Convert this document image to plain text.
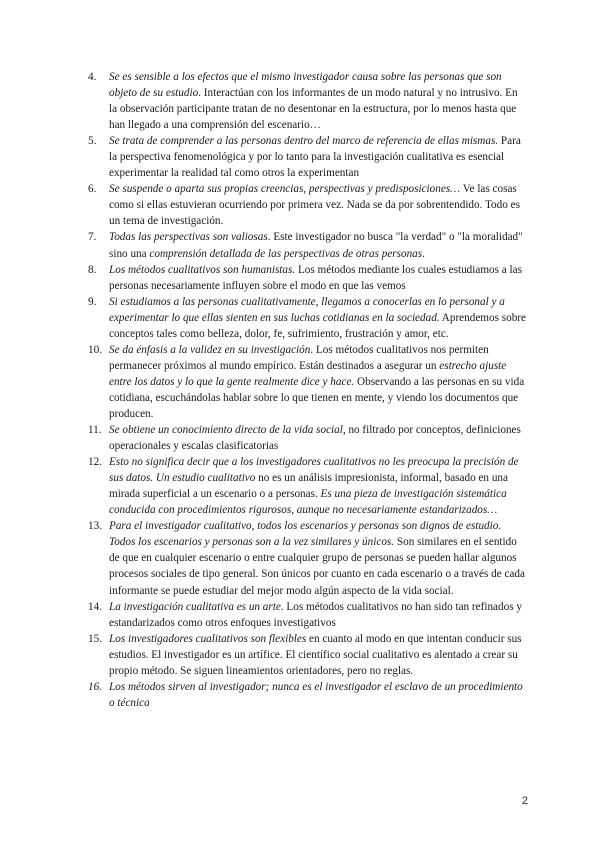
4.	Se es sensible a los efectos que el mismo investigador causa sobre las personas que son objeto de su estudio. Interactúan con los informantes de un modo natural y no intrusivo. En la observación participante tratan de no desentonar en la estructura, por lo menos hasta que han llegado a una comprensión del escenario…
5.	Se trata de comprender a las personas dentro del marco de referencia de ellas mismas. Para la perspectiva fenomenológica y por lo tanto para la investigación cualitativa es esencial experimentar la realidad tal como otros la experimentan
6.	Se suspende o aparta sus propias creencias, perspectivas y predisposiciones… Ve las cosas como si ellas estuvieran ocurriendo por primera vez. Nada se da por sobrentendido. Todo es un tema de investigación.
7.	Todas las perspectivas son valiosas. Este investigador no busca "la verdad" o "la moralidad" sino una comprensión detallada de las perspectivas de otras personas.
8.	Los métodos cualitativos son humanistas. Los métodos mediante los cuales estudiamos a las personas necesariamente influyen sobre el modo en que las vemos
9.	Si estudiamos a las personas cualitativamente, llegamos a conocerlas en lo personal y a experimentar lo que ellas sienten en sus luchas cotidianas en la sociedad. Aprendemos sobre conceptos tales como belleza, dolor, fe, sufrimiento, frustración y amor, etc.
10. Se da énfasis a la validez en su investigación. Los métodos cualitativos nos permiten permanecer próximos al mundo empírico. Están destinados a asegurar un estrecho ajuste entre los datos y lo que la gente realmente dice y hace. Observando a las personas en su vida cotidiana, escuchándolas hablar sobre lo que tienen en mente, y viendo los documentos que producen.
11. Se obtiene un conocimiento directo de la vida social, no filtrado por conceptos, definiciones operacionales y escalas clasificatorias
12. Esto no significa decir que a los investigadores cualitativos no les preocupa la precisión de sus datos. Un estudio cualitativo no es un análisis impresionista, informal, basado en una mirada superficial a un escenario o a personas. Es una pieza de investigación sistemática conducida con procedimientos rigurosos, aunque no necesariamente estandarizados…
13. Para el investigador cualitativo, todos los escenarios y personas son dignos de estudio. Todos los escenarios y personas son a la vez similares y únicos. Son similares en el sentido de que en cualquier escenario o entre cualquier grupo de personas se pueden hallar algunos procesos sociales de tipo general. Son únicos por cuanto en cada escenario o a través de cada informante se puede estudiar del mejor modo algún aspecto de la vida social.
14. La investigación cualitativa es un arte. Los métodos cualitativos no han sido tan refinados y estandarizados como otros enfoques investigativos
15. Los investigadores cualitativos son flexibles en cuanto al modo en que intentan conducir sus estudios. El investigador es un artífice. El científico social cualitativo es alentado a crear su propio método. Se siguen lineamientos orientadores, pero no reglas.
16. Los métodos sirven al investigador; nunca es el investigador el esclavo de un procedimiento o técnica
2
